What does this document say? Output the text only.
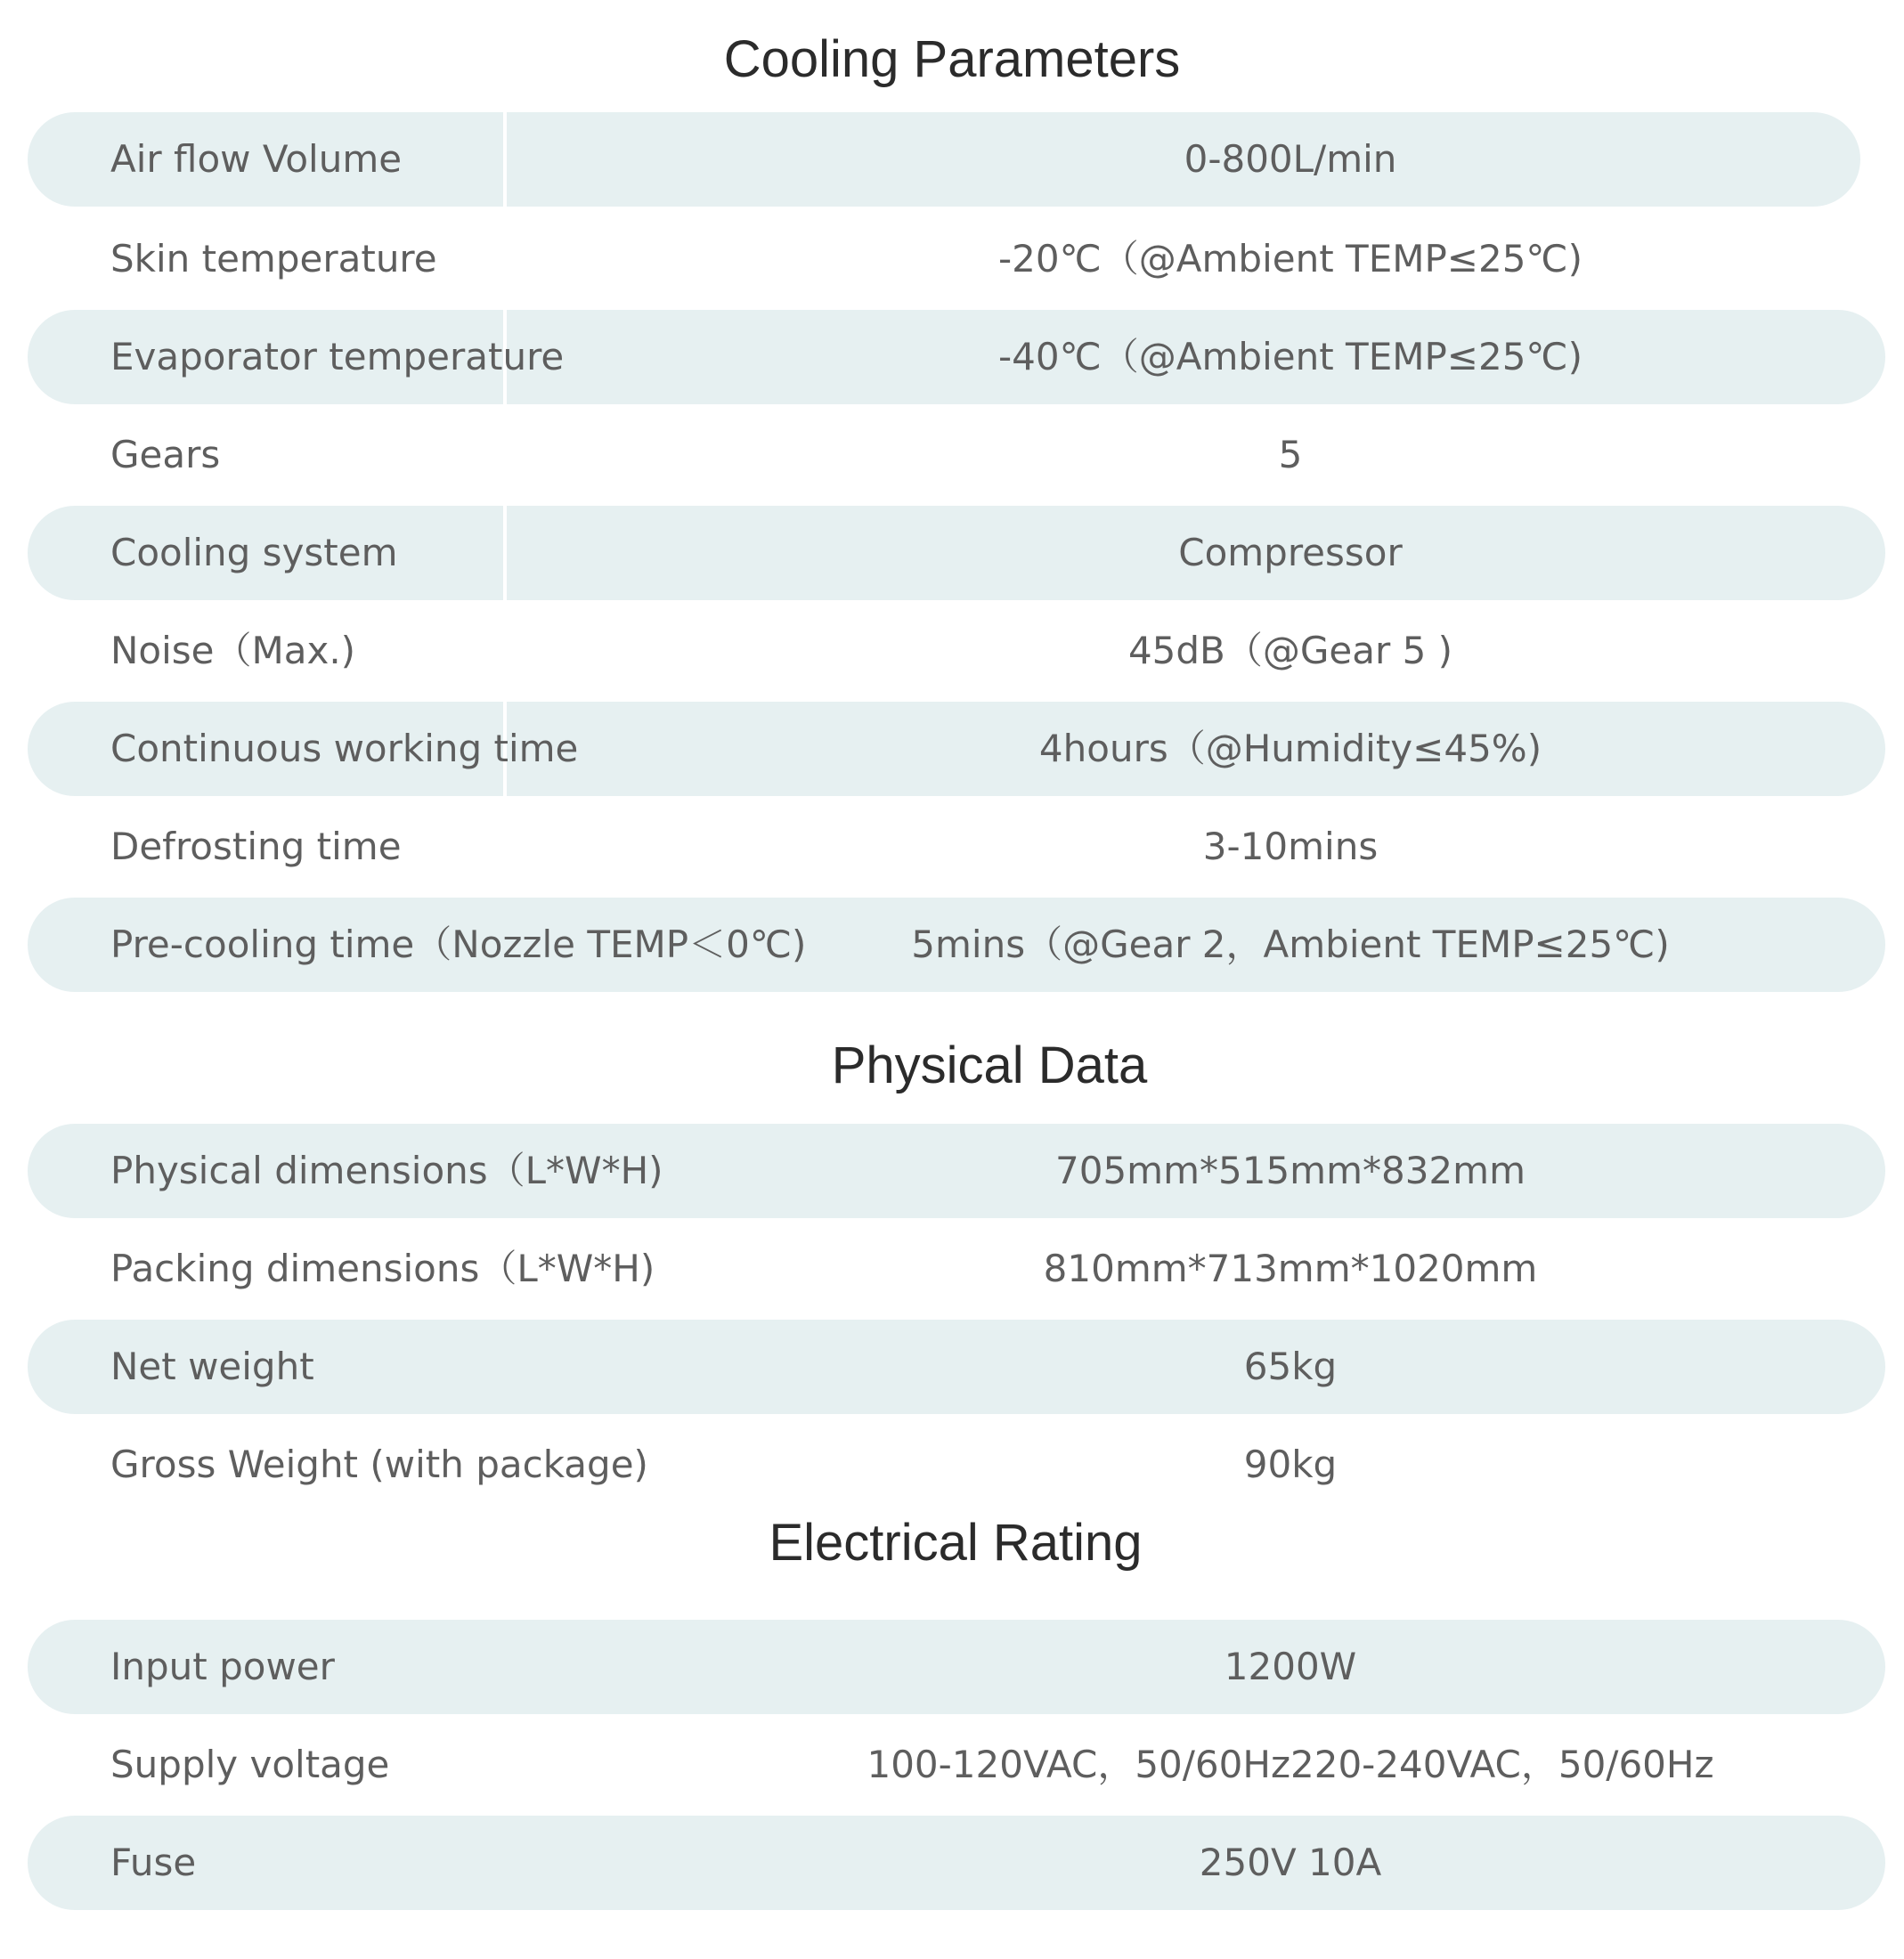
Cooling Parameters
Air flow Volume	0-800L/min
Skin temperature	-20℃（@Ambient TEMP≤25℃)
Evaporator temperature	-40℃（@Ambient TEMP≤25℃)
Gears	5
Cooling system	Compressor
Noise（Max.)	45dB（@Gear 5 )
Continuous working time	4hours（@Humidity≤45%)
Defrosting time	3-10mins
Pre-cooling time（Nozzle TEMP＜0℃)	5mins（@Gear 2，Ambient TEMP≤25℃)
Physical Data
Physical dimensions（L*W*H)	705mm*515mm*832mm
Packing dimensions（L*W*H)	810mm*713mm*1020mm
Net weight	65kg
Gross Weight (with package)	90kg
Electrical Rating
Input power	1200W
Supply voltage	100-120VAC，50/60Hz220-240VAC，50/60Hz
Fuse	250V 10A
